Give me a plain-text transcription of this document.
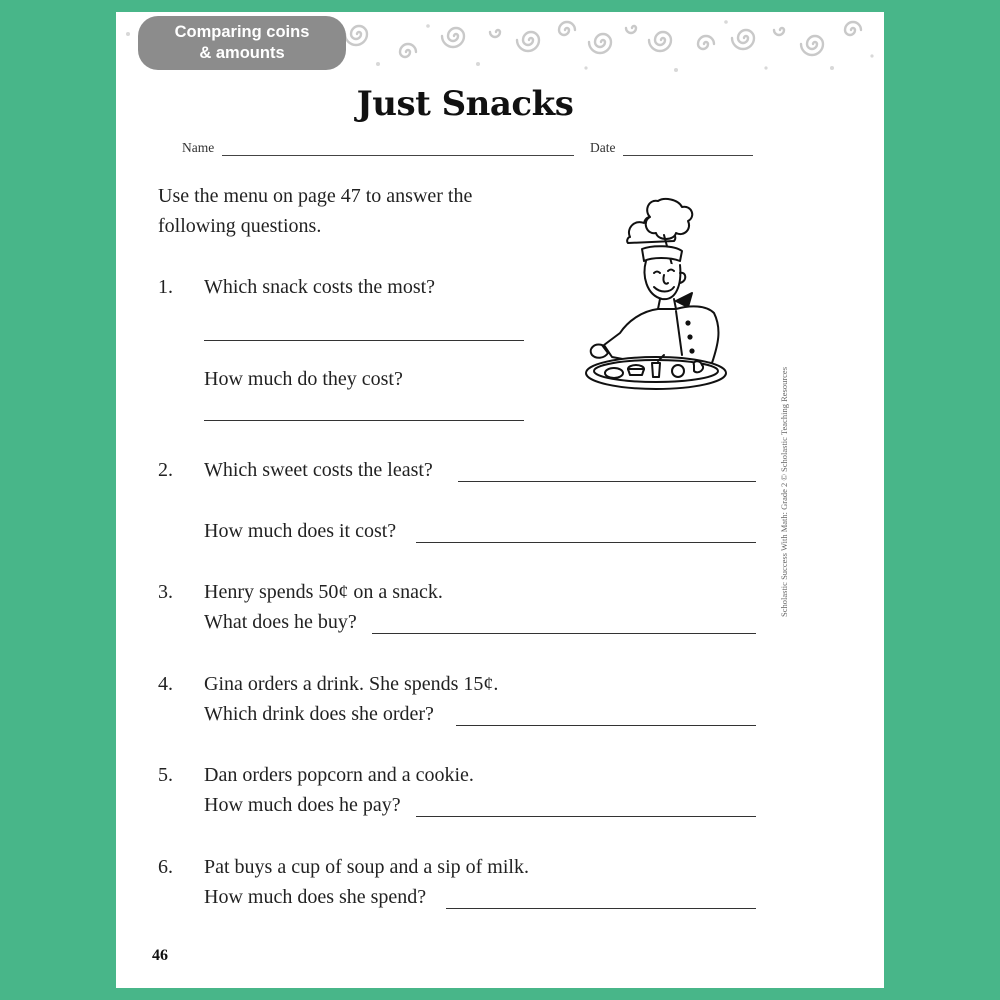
Comparing coins
& amounts
Just Snacks
Name	Date
Use the menu on page 47 to answer the
following questions.
1. Which snack costs the most?
How much do they cost?
2. Which sweet costs the least?
How much does it cost?
3. Henry spends 50¢ on a snack.
What does he buy?
4. Gina orders a drink. She spends 15¢.
Which drink does she order?
5. Dan orders popcorn and a cookie.
How much does he pay?
6. Pat buys a cup of soup and a sip of milk.
How much does she spend?
Scholastic Success With Math: Grade 2 © Scholastic Teaching Resources
46
